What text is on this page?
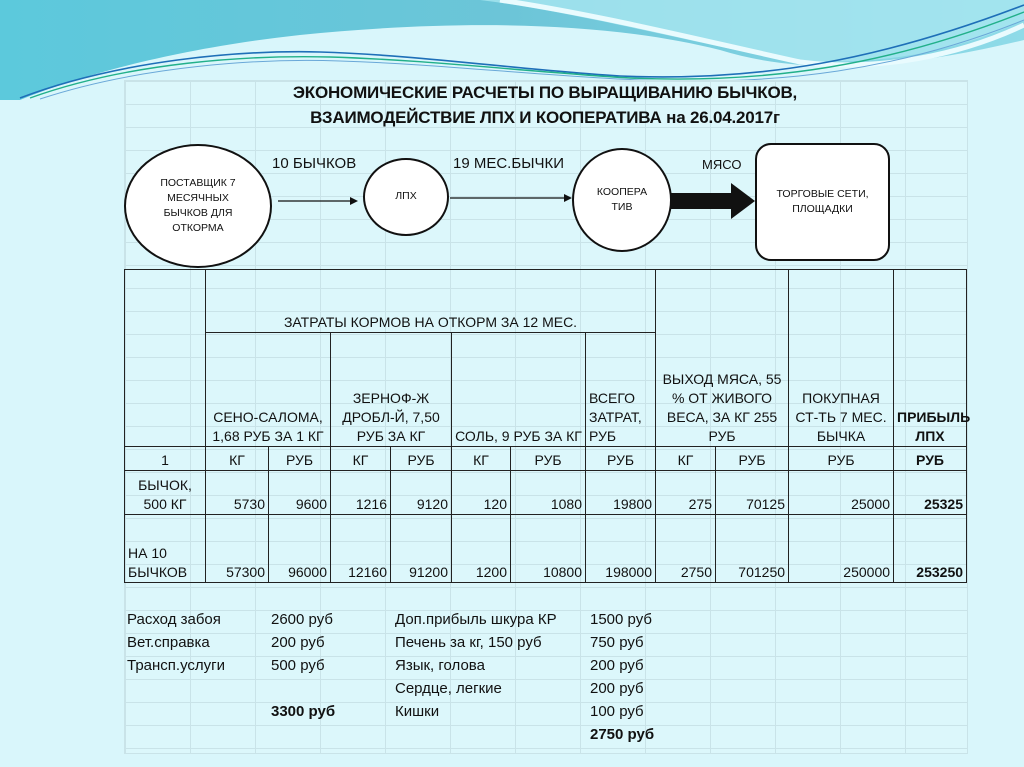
ЭКОНОМИЧЕСКИЕ РАСЧЕТЫ ПО ВЫРАЩИВАНИЮ БЫЧКОВ,
ВЗАИМОДЕЙСТВИЕ ЛПХ И КООПЕРАТИВА на 26.04.2017г
ПОСТАВЩИК 7 МЕСЯЧНЫХ БЫЧКОВ ДЛЯ ОТКОРМА
10 БЫЧКОВ
ЛПХ
19 МЕС.БЫЧКИ
КООПЕРА
ТИВ
МЯСО
ТОРГОВЫЕ СЕТИ,
ПЛОЩАДКИ
	ЗАТРАТЫ КОРМОВ НА ОТКОРМ ЗА 12 МЕС.							ВЫХОД МЯСА, 55 % ОТ ЖИВОГО ВЕСА, ЗА КГ 255 РУБ		ПОКУПНАЯ СТ-ТЬ 7 МЕС. БЫЧКА	ПРИБЫЛЬ ЛПХ
	СЕНО-САЛОМА, 1,68 РУБ ЗА 1 КГ		ЗЕРНОФ-Ж ДРОБЛ-Й, 7,50 РУБ ЗА КГ		СОЛЬ, 9 РУБ ЗА КГ		ВСЕГО ЗАТРАТ, РУБ				
1	КГ	РУБ	КГ	РУБ	КГ	РУБ	РУБ	КГ	РУБ	РУБ	РУБ
БЫЧОК, 500 КГ	5730	9600	1216	9120	120	1080	19800	275	70125	25000	25325
НА 10 БЫЧКОВ	57300	96000	12160	91200	1200	10800	198000	2750	701250	250000	253250
Расход забоя	2600 руб	Доп.прибыль шкура КР	1500 руб
Вет.справка	200 руб	Печень за кг, 150 руб	750 руб
Трансп.услуги	500 руб	Язык, голова	200 руб
		Сердце, легкие	200 руб
	3300 руб	Кишки	100 руб
			2750 руб
